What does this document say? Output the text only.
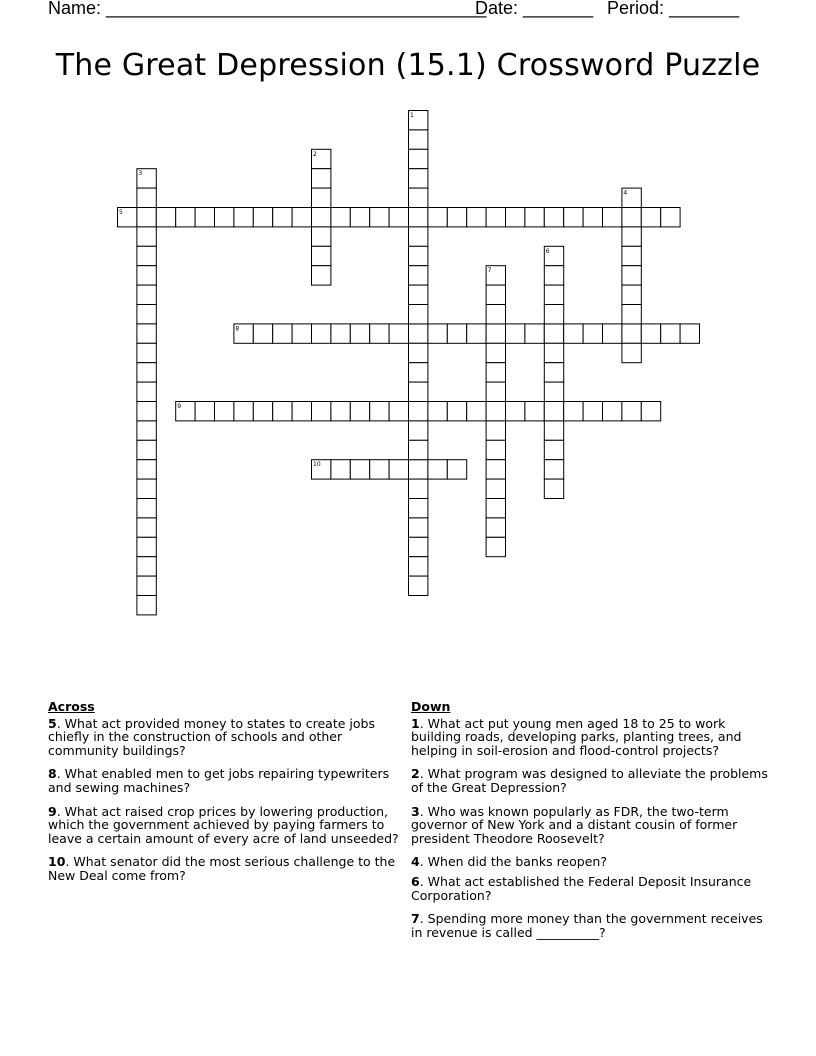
Name: ______________________________________
Date: _______ Period: _______
The Great Depression (15.1) Crossword Puzzle
5
8
9
10
1
2
3
4
6
7
Across
5. What act provided money to states to create jobs chiefly in the construction of schools and other community buildings?
8. What enabled men to get jobs repairing typewriters and sewing machines?
9. What act raised crop prices by lowering production, which the government achieved by paying farmers to leave a certain amount of every acre of land unseeded?
10. What senator did the most serious challenge to the New Deal come from?
Down
1. What act put young men aged 18 to 25 to work building roads, developing parks, planting trees, and helping in soil-erosion and flood-control projects?
2. What program was designed to alleviate the problems of the Great Depression?
3. Who was known popularly as FDR, the two-term governor of New York and a distant cousin of former president Theodore Roosevelt?
4. When did the banks reopen?
6. What act established the Federal Deposit Insurance Corporation?
7. Spending more money than the government receives in revenue is called __________?
